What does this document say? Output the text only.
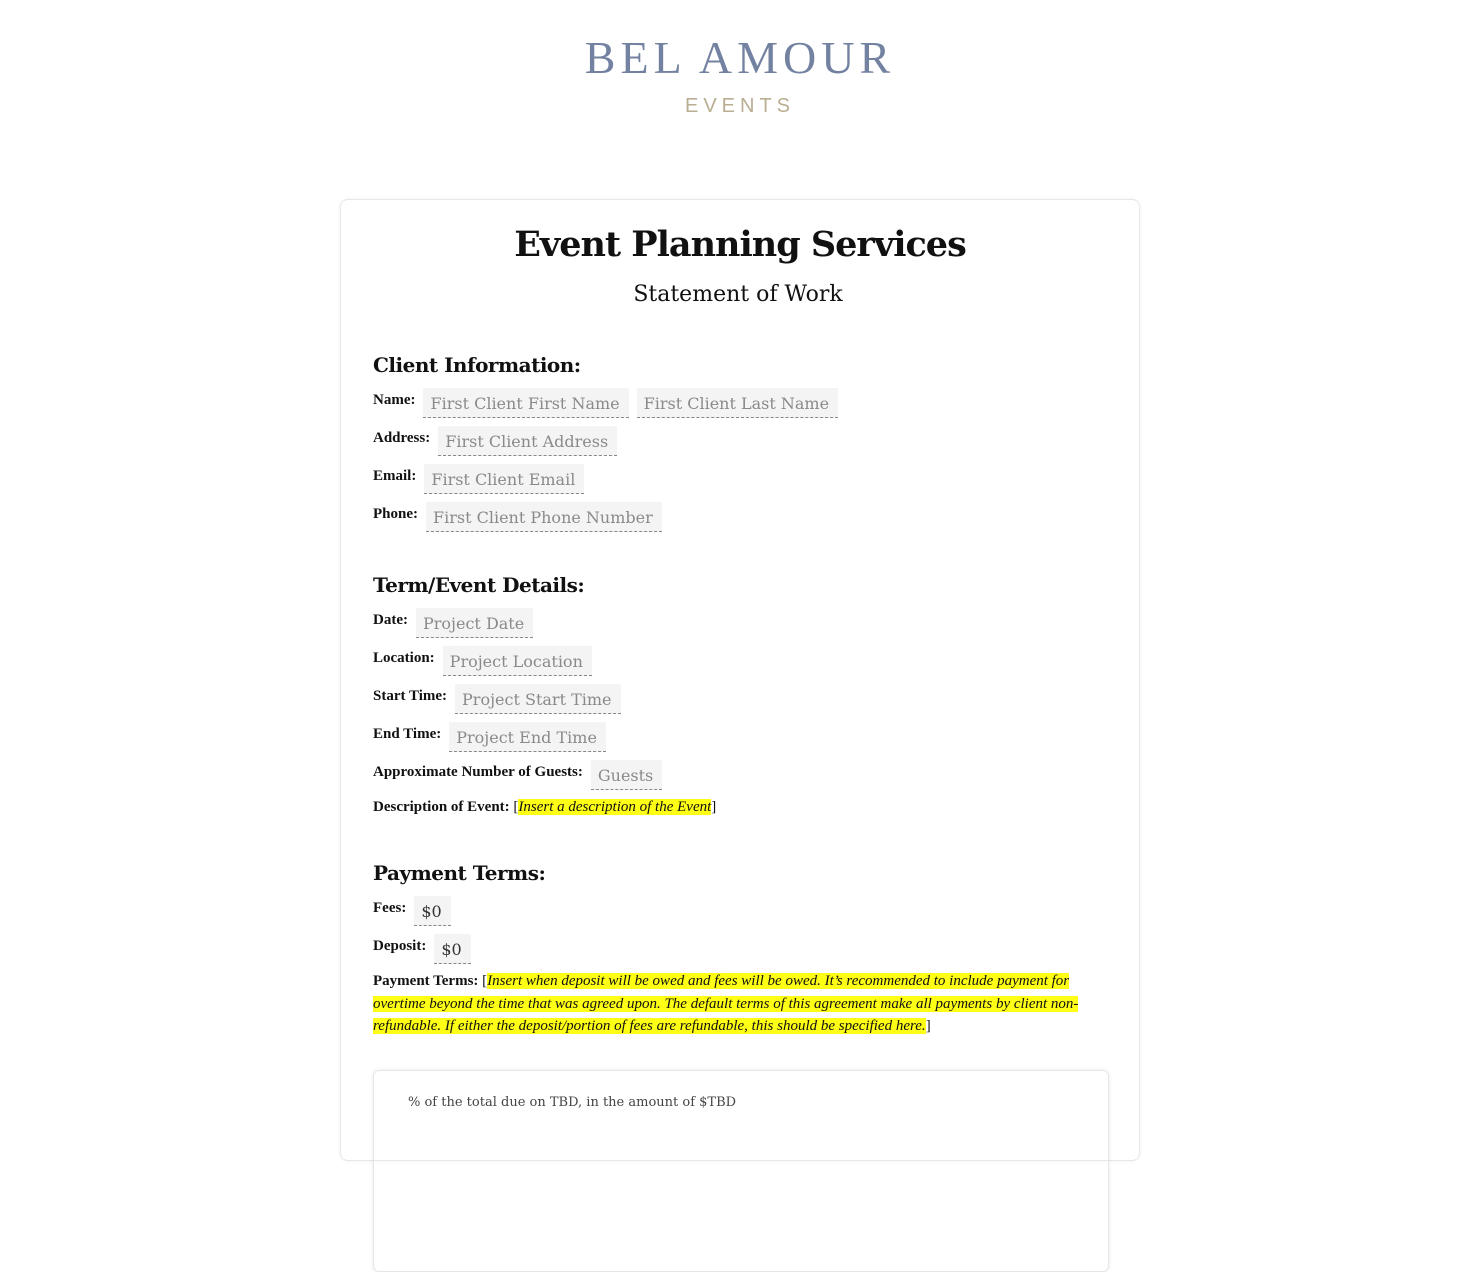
BEL AMOUR
EVENTS
Event Planning Services
Statement of Work
Client Information:
Name: First Client First Name	First Client Last Name
Address: First Client Address
Email: First Client Email
Phone: First Client Phone Number
Term/Event Details:
Date: Project Date
Location: Project Location
Start Time: Project Start Time
End Time: Project End Time
Approximate Number of Guests: Guests
Description of Event: [Insert a description of the Event]
Payment Terms:
Fees: $0
Deposit: $0
Payment Terms: [Insert when deposit will be owed and fees will be owed. It’s recommended to include payment for overtime beyond the time that was agreed upon. The default terms of this agreement make all payments by client non-refundable. If either the deposit/portion of fees are refundable, this should be specified here.]
% of the total due on TBD, in the amount of $TBD
